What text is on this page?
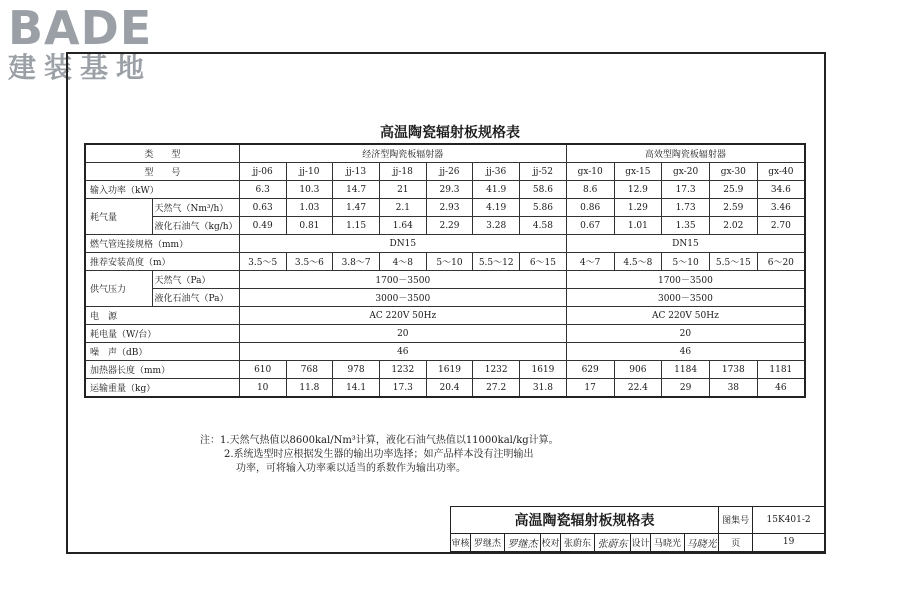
BADE
建装基地
高温陶瓷辐射板规格表
类　　型		经济型陶瓷板辐射器							高效型陶瓷板辐射器				
型　　号		jj-06	jj-10	jj-13	jj-18	jj-26	jj-36	jj-52	gx-10	gx-15	gx-20	gx-30	gx-40
输入功率（kW）		6.3	10.3	14.7	21	29.3	41.9	58.6	8.6	12.9	17.3	25.9	34.6
耗气量	天然气（Nm³/h）	0.63	1.03	1.47	2.1	2.93	4.19	5.86	0.86	1.29	1.73	2.59	3.46
	液化石油气（kg/h）	0.49	0.81	1.15	1.64	2.29	3.28	4.58	0.67	1.01	1.35	2.02	2.70
燃气管连接规格（mm）		DN15							DN15				
推荐安装高度（m）		3.5～5	3.5～6	3.8～7	4～8	5～10	5.5～12	6～15	4～7	4.5～8	5～10	5.5～15	6～20
供气压力	天然气（Pa）	1700－3500							1700－3500				
	液化石油气（Pa）	3000－3500							3000－3500				
电　源		AC 220V 50Hz							AC 220V 50Hz				
耗电量（W/台）		20							20				
噪　声（dB）		46							46				
加热器长度（mm）		610	768	978	1232	1619	1232	1619	629	906	1184	1738	1181
运输重量（kg）		10	11.8	14.1	17.3	20.4	27.2	31.8	17	22.4	29	38	46
注：1.天然气热值以8600kal/Nm³计算，液化石油气热值以11000kal/kg计算。
2.系统选型时应根据发生器的输出功率选择；如产品样本没有注明输出
功率，可将输入功率乘以适当的系数作为输出功率。
高温陶瓷辐射板规格表									图集号	15K401-2
审核	罗继杰	罗继杰	校对	张蔚东	张蔚东	设计	马晓光	马晓光	页	19
